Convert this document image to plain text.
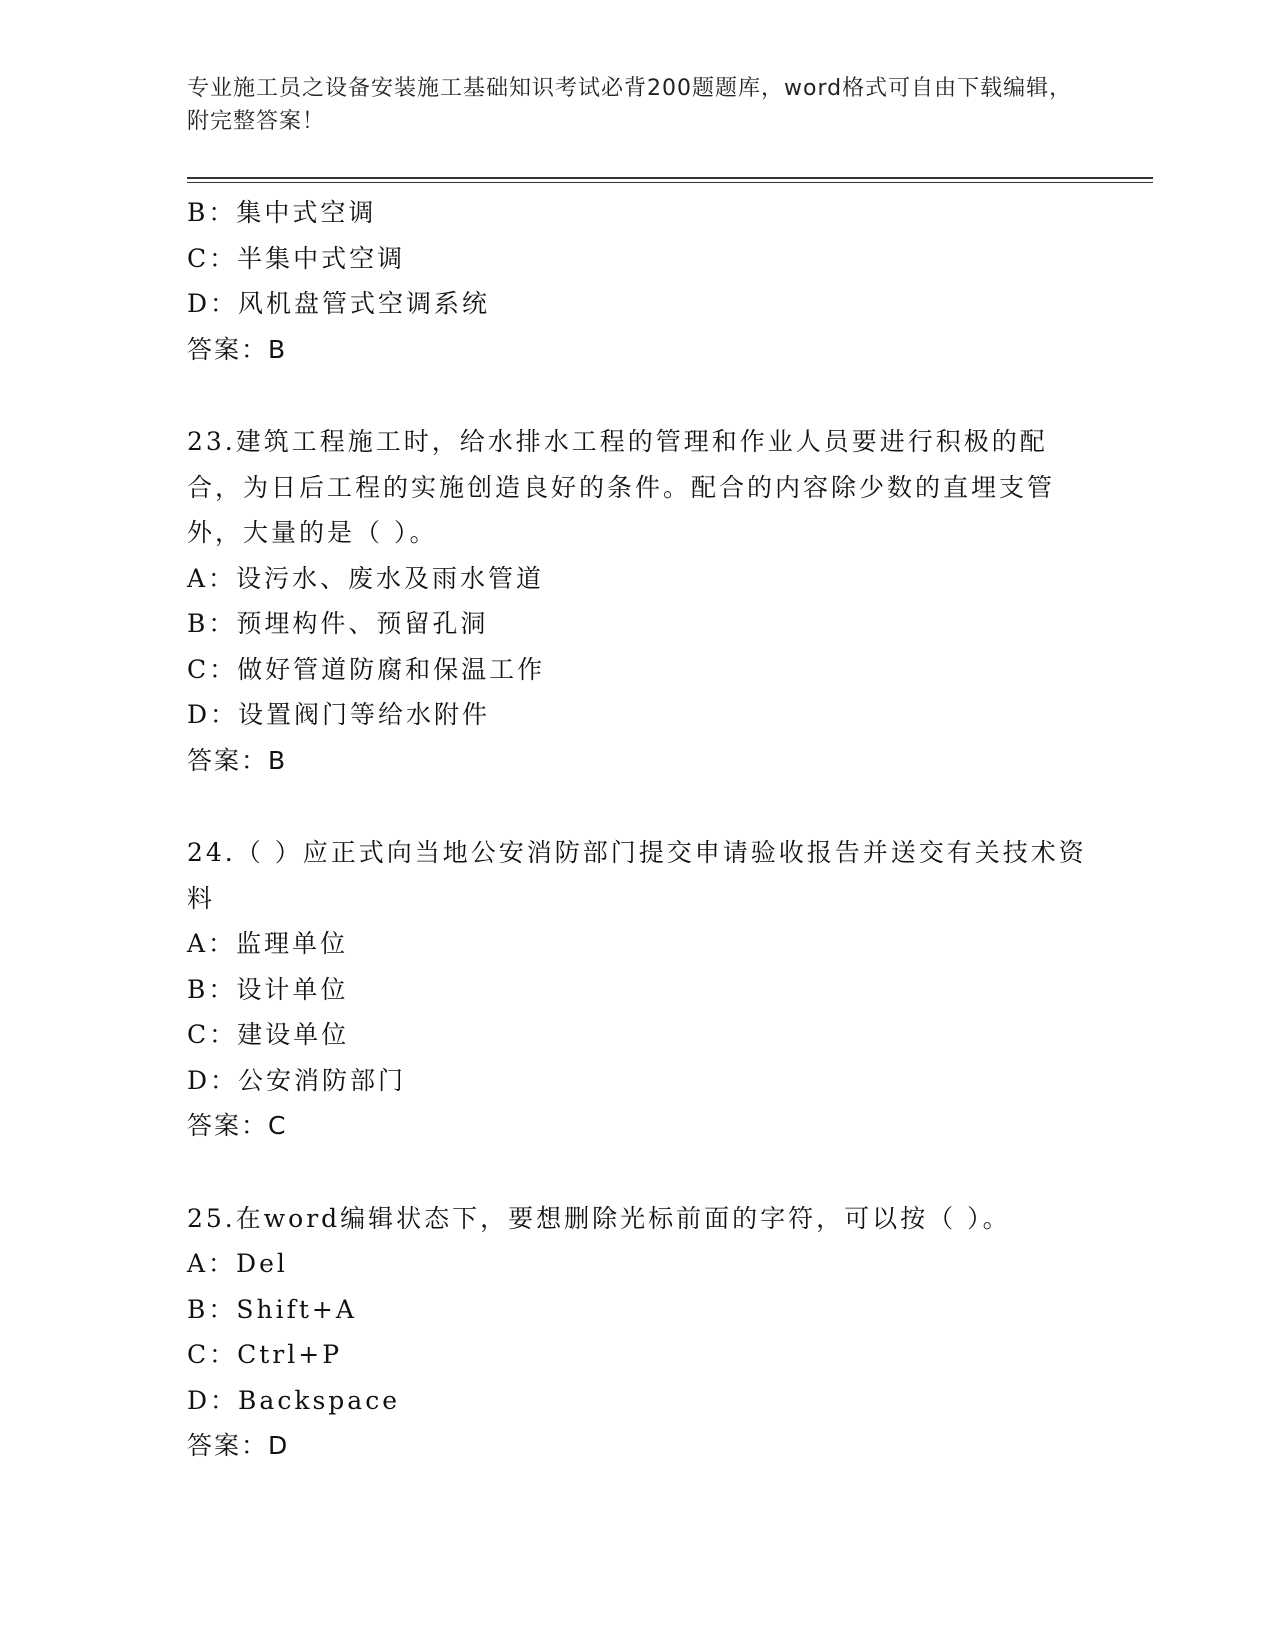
专业施工员之设备安装施工基础知识考试必背200题题库，word格式可自由下载编辑，附完整答案！
B：集中式空调
C：半集中式空调
D：风机盘管式空调系统
答案：B
23.建筑工程施工时，给水排水工程的管理和作业人员要进行积极的配合，为日后工程的实施创造良好的条件。配合的内容除少数的直埋支管外，大量的是（ ）。
A：设污水、废水及雨水管道
B：预埋构件、预留孔洞
C：做好管道防腐和保温工作
D：设置阀门等给水附件
答案：B
24.（ ）应正式向当地公安消防部门提交申请验收报告并送交有关技术资料
A：监理单位
B：设计单位
C：建设单位
D：公安消防部门
答案：C
25.在word编辑状态下，要想删除光标前面的字符，可以按（ ）。
A：Del
B：Shift+A
C：Ctrl+P
D：Backspace
答案：D
